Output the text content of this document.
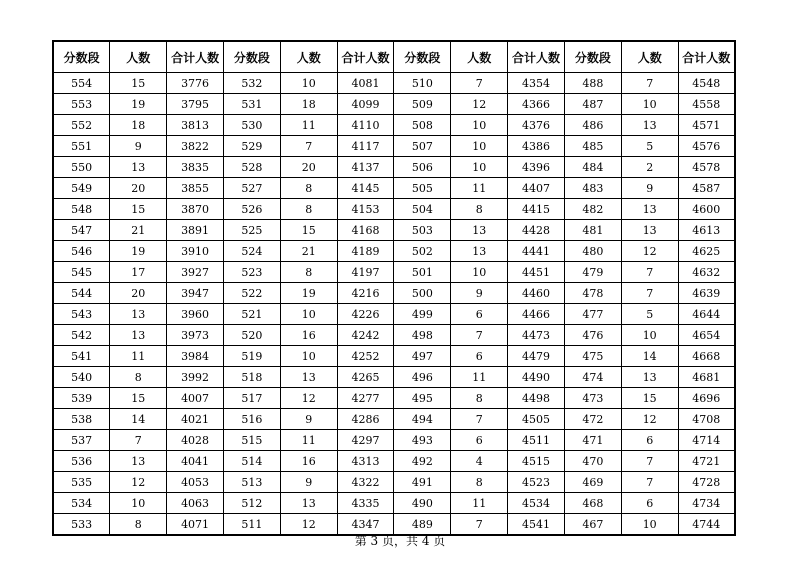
分数段	人数	合计人数	分数段	人数	合计人数	分数段	人数	合计人数	分数段	人数	合计人数
554	15	3776	532	10	4081	510	7	4354	488	7	4548
553	19	3795	531	18	4099	509	12	4366	487	10	4558
552	18	3813	530	11	4110	508	10	4376	486	13	4571
551	9	3822	529	7	4117	507	10	4386	485	5	4576
550	13	3835	528	20	4137	506	10	4396	484	2	4578
549	20	3855	527	8	4145	505	11	4407	483	9	4587
548	15	3870	526	8	4153	504	8	4415	482	13	4600
547	21	3891	525	15	4168	503	13	4428	481	13	4613
546	19	3910	524	21	4189	502	13	4441	480	12	4625
545	17	3927	523	8	4197	501	10	4451	479	7	4632
544	20	3947	522	19	4216	500	9	4460	478	7	4639
543	13	3960	521	10	4226	499	6	4466	477	5	4644
542	13	3973	520	16	4242	498	7	4473	476	10	4654
541	11	3984	519	10	4252	497	6	4479	475	14	4668
540	8	3992	518	13	4265	496	11	4490	474	13	4681
539	15	4007	517	12	4277	495	8	4498	473	15	4696
538	14	4021	516	9	4286	494	7	4505	472	12	4708
537	7	4028	515	11	4297	493	6	4511	471	6	4714
536	13	4041	514	16	4313	492	4	4515	470	7	4721
535	12	4053	513	9	4322	491	8	4523	469	7	4728
534	10	4063	512	13	4335	490	11	4534	468	6	4734
533	8	4071	511	12	4347	489	7	4541	467	10	4744
第 3 页，共 4 页
